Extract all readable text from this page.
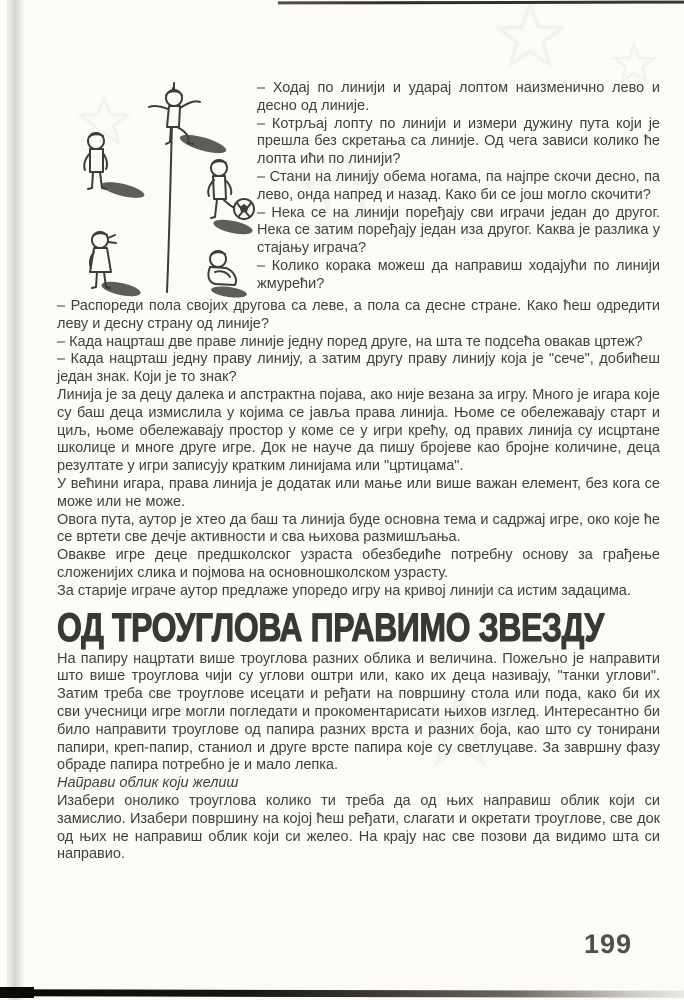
– Ходај по линији и ударај лоптом наизменично лево и десно од линије.

– Котрљај лопту по линији и измери дужину пута који је прешла без скретања са линије. Од чега зависи колико ће лопта ићи по линији?

– Стани на линију обема ногама, па најпре скочи десно, па лево, онда напред и назад. Како би се још могло скочити?

– Нека се на линији поређају сви играчи један до другог. Нека се затим поређају један иза другог. Каква је разлика у стајању играча?

– Колико корака можеш да направиш ходајући по линији жмурећи?

– Распореди пола својих другова са леве, а пола са десне стране. Како ћеш одредити леву и десну страну од линије?

– Када нацрташ две праве линије једну поред друге, на шта те подсећа овакав цртеж?

– Када нацрташ једну праву линију, а затим другу праву линију која је "сече", добићеш један знак. Који је то знак?

Линија је за децу далека и апстрактна појава, ако није везана за игру. Много је игара које су баш деца измислила у којима се јавља права линија. Њоме се обележавају старт и циљ, њоме обележавају простор у коме се у игри крећу, од правих линија су исцртане школице и многе друге игре. Док не науче да пишу бројеве као бројне количине, деца резултате у игри записују кратким линијама или "цртицама".

У већини игара, права линија је додатак или мање или више важан елемент, без кога се може или не може.

Овога пута, аутор је хтео да баш та линија буде основна тема и садржај игре, око које ће се вртети све дечје активности и сва њихова размишљања.

Овакве игре деце предшколског узраста обезбедиће потребну основу за грађење сложенијих слика и појмова на основношколском узрасту.

За старије играче аутор предлаже упоредо игру на кривој линији са истим задацима.

ОД ТРОУГЛОВА ПРАВИМО ЗВЕЗДУ

На папиру нацртати више троуглова разних облика и величина. Пожељно је направити што више троуглова чији су углови оштри или, како их деца називају, "танки углови". Затим треба све троуглове исецати и ређати на површину стола или пода, како би их сви учесници игре могли погледати и прокоментарисати њихов изглед. Интересантно би било направити троуглове од папира разних врста и разних боја, као што су тонирани папири, креп-папир, станиол и друге врсте папира које су светлуцаве. За завршну фазу обраде папира потребно је и мало лепка.

Направи облик који желиш

Изабери онолико троуглова колико ти треба да од њих направиш облик који си замислио. Изабери површину на којој ћеш ређати, слагати и окретати троуглове, све док од њих не направиш облик који си желео. На крају нас све позови да видимо шта си направио.

199
